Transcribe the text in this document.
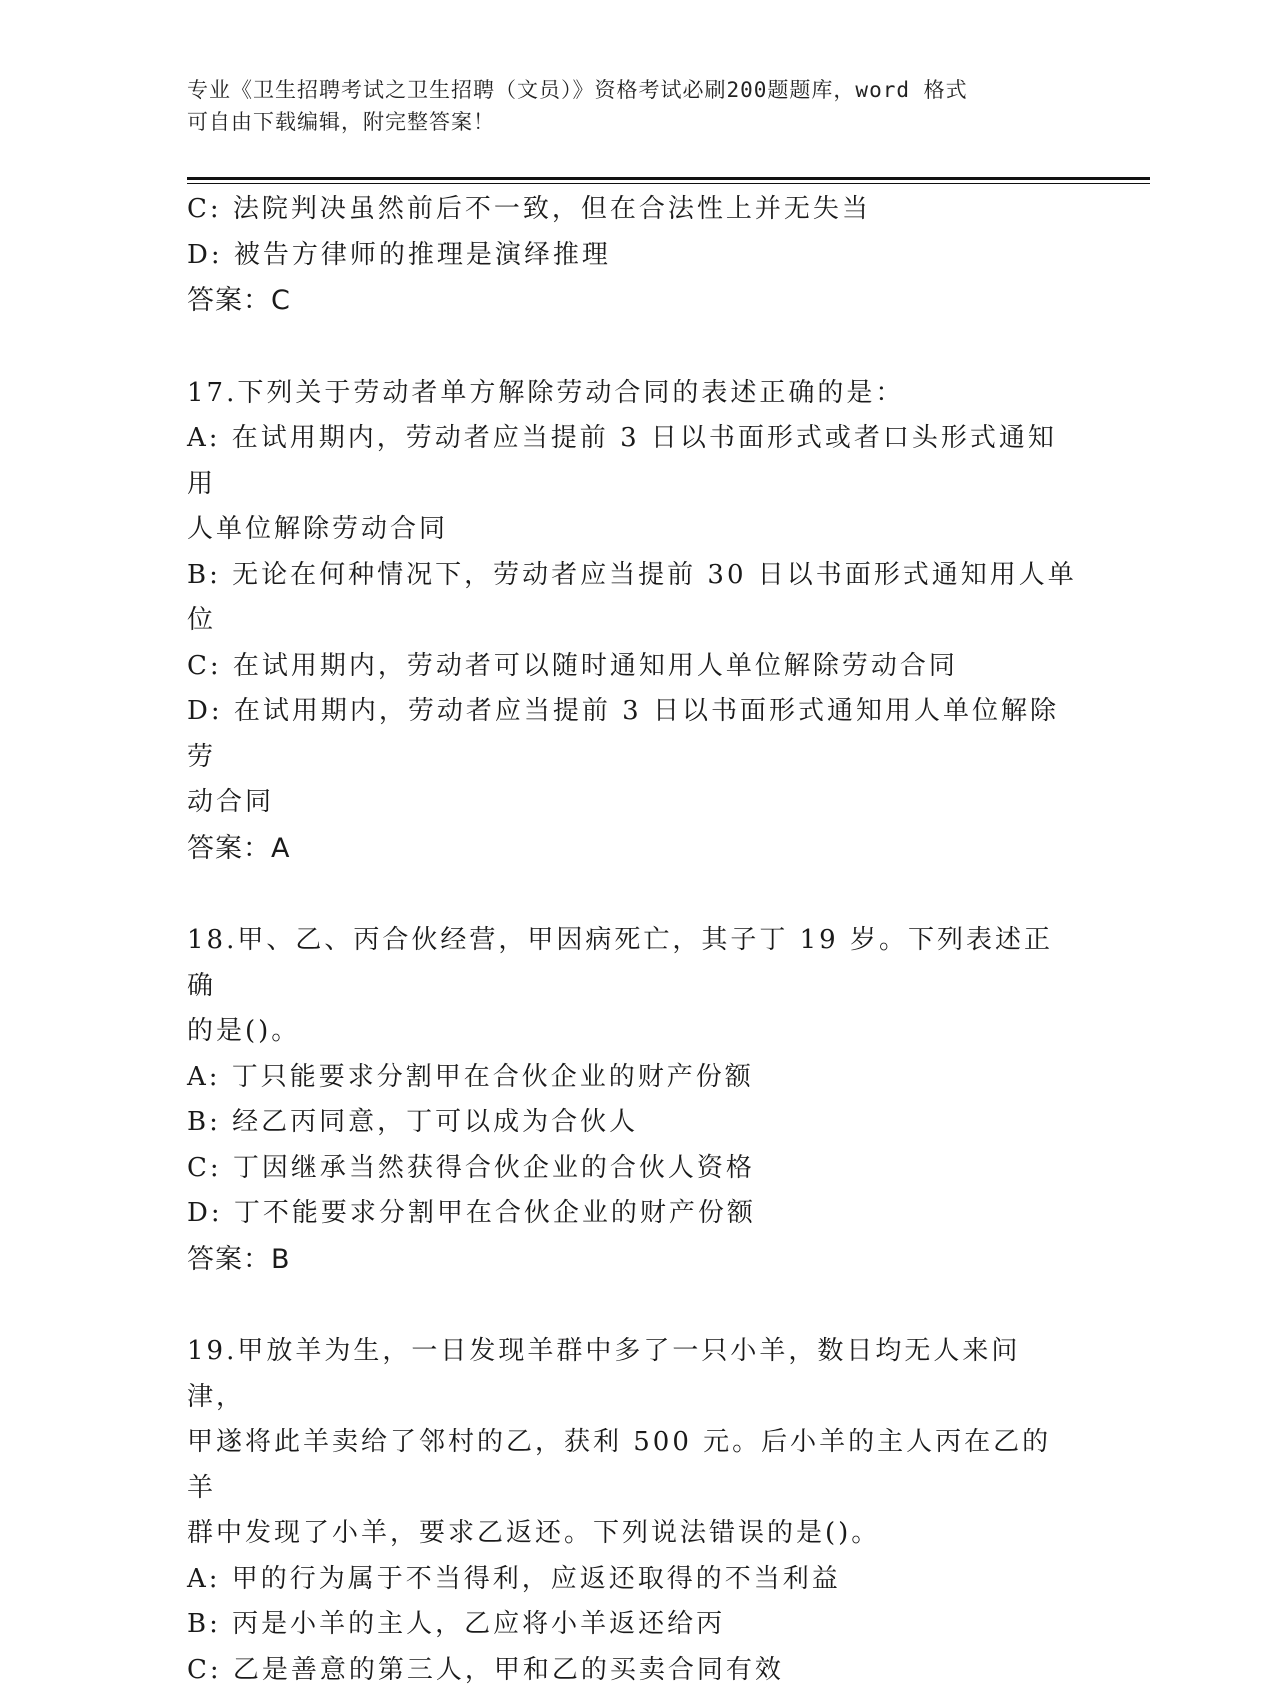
专业《卫生招聘考试之卫生招聘（文员）》资格考试必刷200题题库，word 格式
可自由下载编辑，附完整答案！
C: 法院判决虽然前后不一致，但在合法性上并无失当
D: 被告方律师的推理是演绎推理
答案：C
17.下列关于劳动者单方解除劳动合同的表述正确的是：
A: 在试用期内，劳动者应当提前 3 日以书面形式或者口头形式通知用
人单位解除劳动合同
B: 无论在何种情况下，劳动者应当提前 30 日以书面形式通知用人单
位
C: 在试用期内，劳动者可以随时通知用人单位解除劳动合同
D: 在试用期内，劳动者应当提前 3 日以书面形式通知用人单位解除劳
动合同
答案：A
18.甲、乙、丙合伙经营，甲因病死亡，其子丁 19 岁。下列表述正确
的是()。
A: 丁只能要求分割甲在合伙企业的财产份额
B: 经乙丙同意，丁可以成为合伙人
C: 丁因继承当然获得合伙企业的合伙人资格
D: 丁不能要求分割甲在合伙企业的财产份额
答案：B
19.甲放羊为生，一日发现羊群中多了一只小羊，数日均无人来问津，
甲遂将此羊卖给了邻村的乙，获利 500 元。后小羊的主人丙在乙的羊
群中发现了小羊，要求乙返还。下列说法错误的是()。
A: 甲的行为属于不当得利，应返还取得的不当利益
B: 丙是小羊的主人，乙应将小羊返还给丙
C: 乙是善意的第三人，甲和乙的买卖合同有效
